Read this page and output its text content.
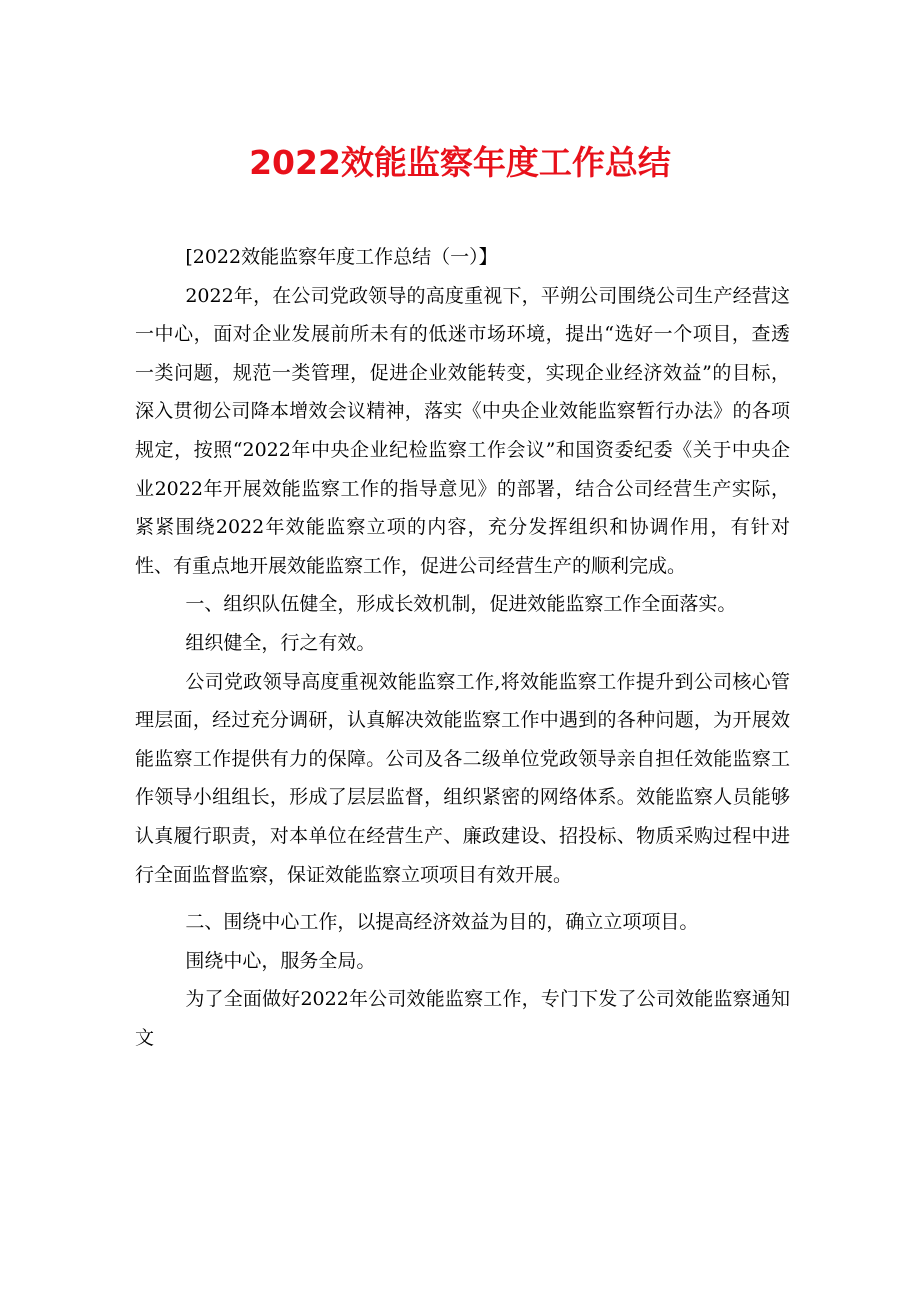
2022效能监察年度工作总结

[2022效能监察年度工作总结（一）】

2022年，在公司党政领导的高度重视下，平朔公司围绕公司生产经营这一中心，面对企业发展前所未有的低迷市场环境，提出“选好一个项目，查透一类问题，规范一类管理，促进企业效能转变，实现企业经济效益”的目标，深入贯彻公司降本增效会议精神，落实《中央企业效能监察暂行办法》的各项规定，按照“2022年中央企业纪检监察工作会议”和国资委纪委《关于中央企业2022年开展效能监察工作的指导意见》的部署，结合公司经营生产实际，紧紧围绕2022年效能监察立项的内容，充分发挥组织和协调作用，有针对性、有重点地开展效能监察工作，促进公司经营生产的顺利完成。

一、组织队伍健全，形成长效机制，促进效能监察工作全面落实。

组织健全，行之有效。

公司党政领导高度重视效能监察工作,将效能监察工作提升到公司核心管理层面，经过充分调研，认真解决效能监察工作中遇到的各种问题，为开展效能监察工作提供有力的保障。公司及各二级单位党政领导亲自担任效能监察工作领导小组组长，形成了层层监督，组织紧密的网络体系。效能监察人员能够认真履行职责，对本单位在经营生产、廉政建设、招投标、物质采购过程中进行全面监督监察，保证效能监察立项项目有效开展。

二、围绕中心工作，以提高经济效益为目的，确立立项项目。

围绕中心，服务全局。

为了全面做好2022年公司效能监察工作，专门下发了公司效能监察通知文
